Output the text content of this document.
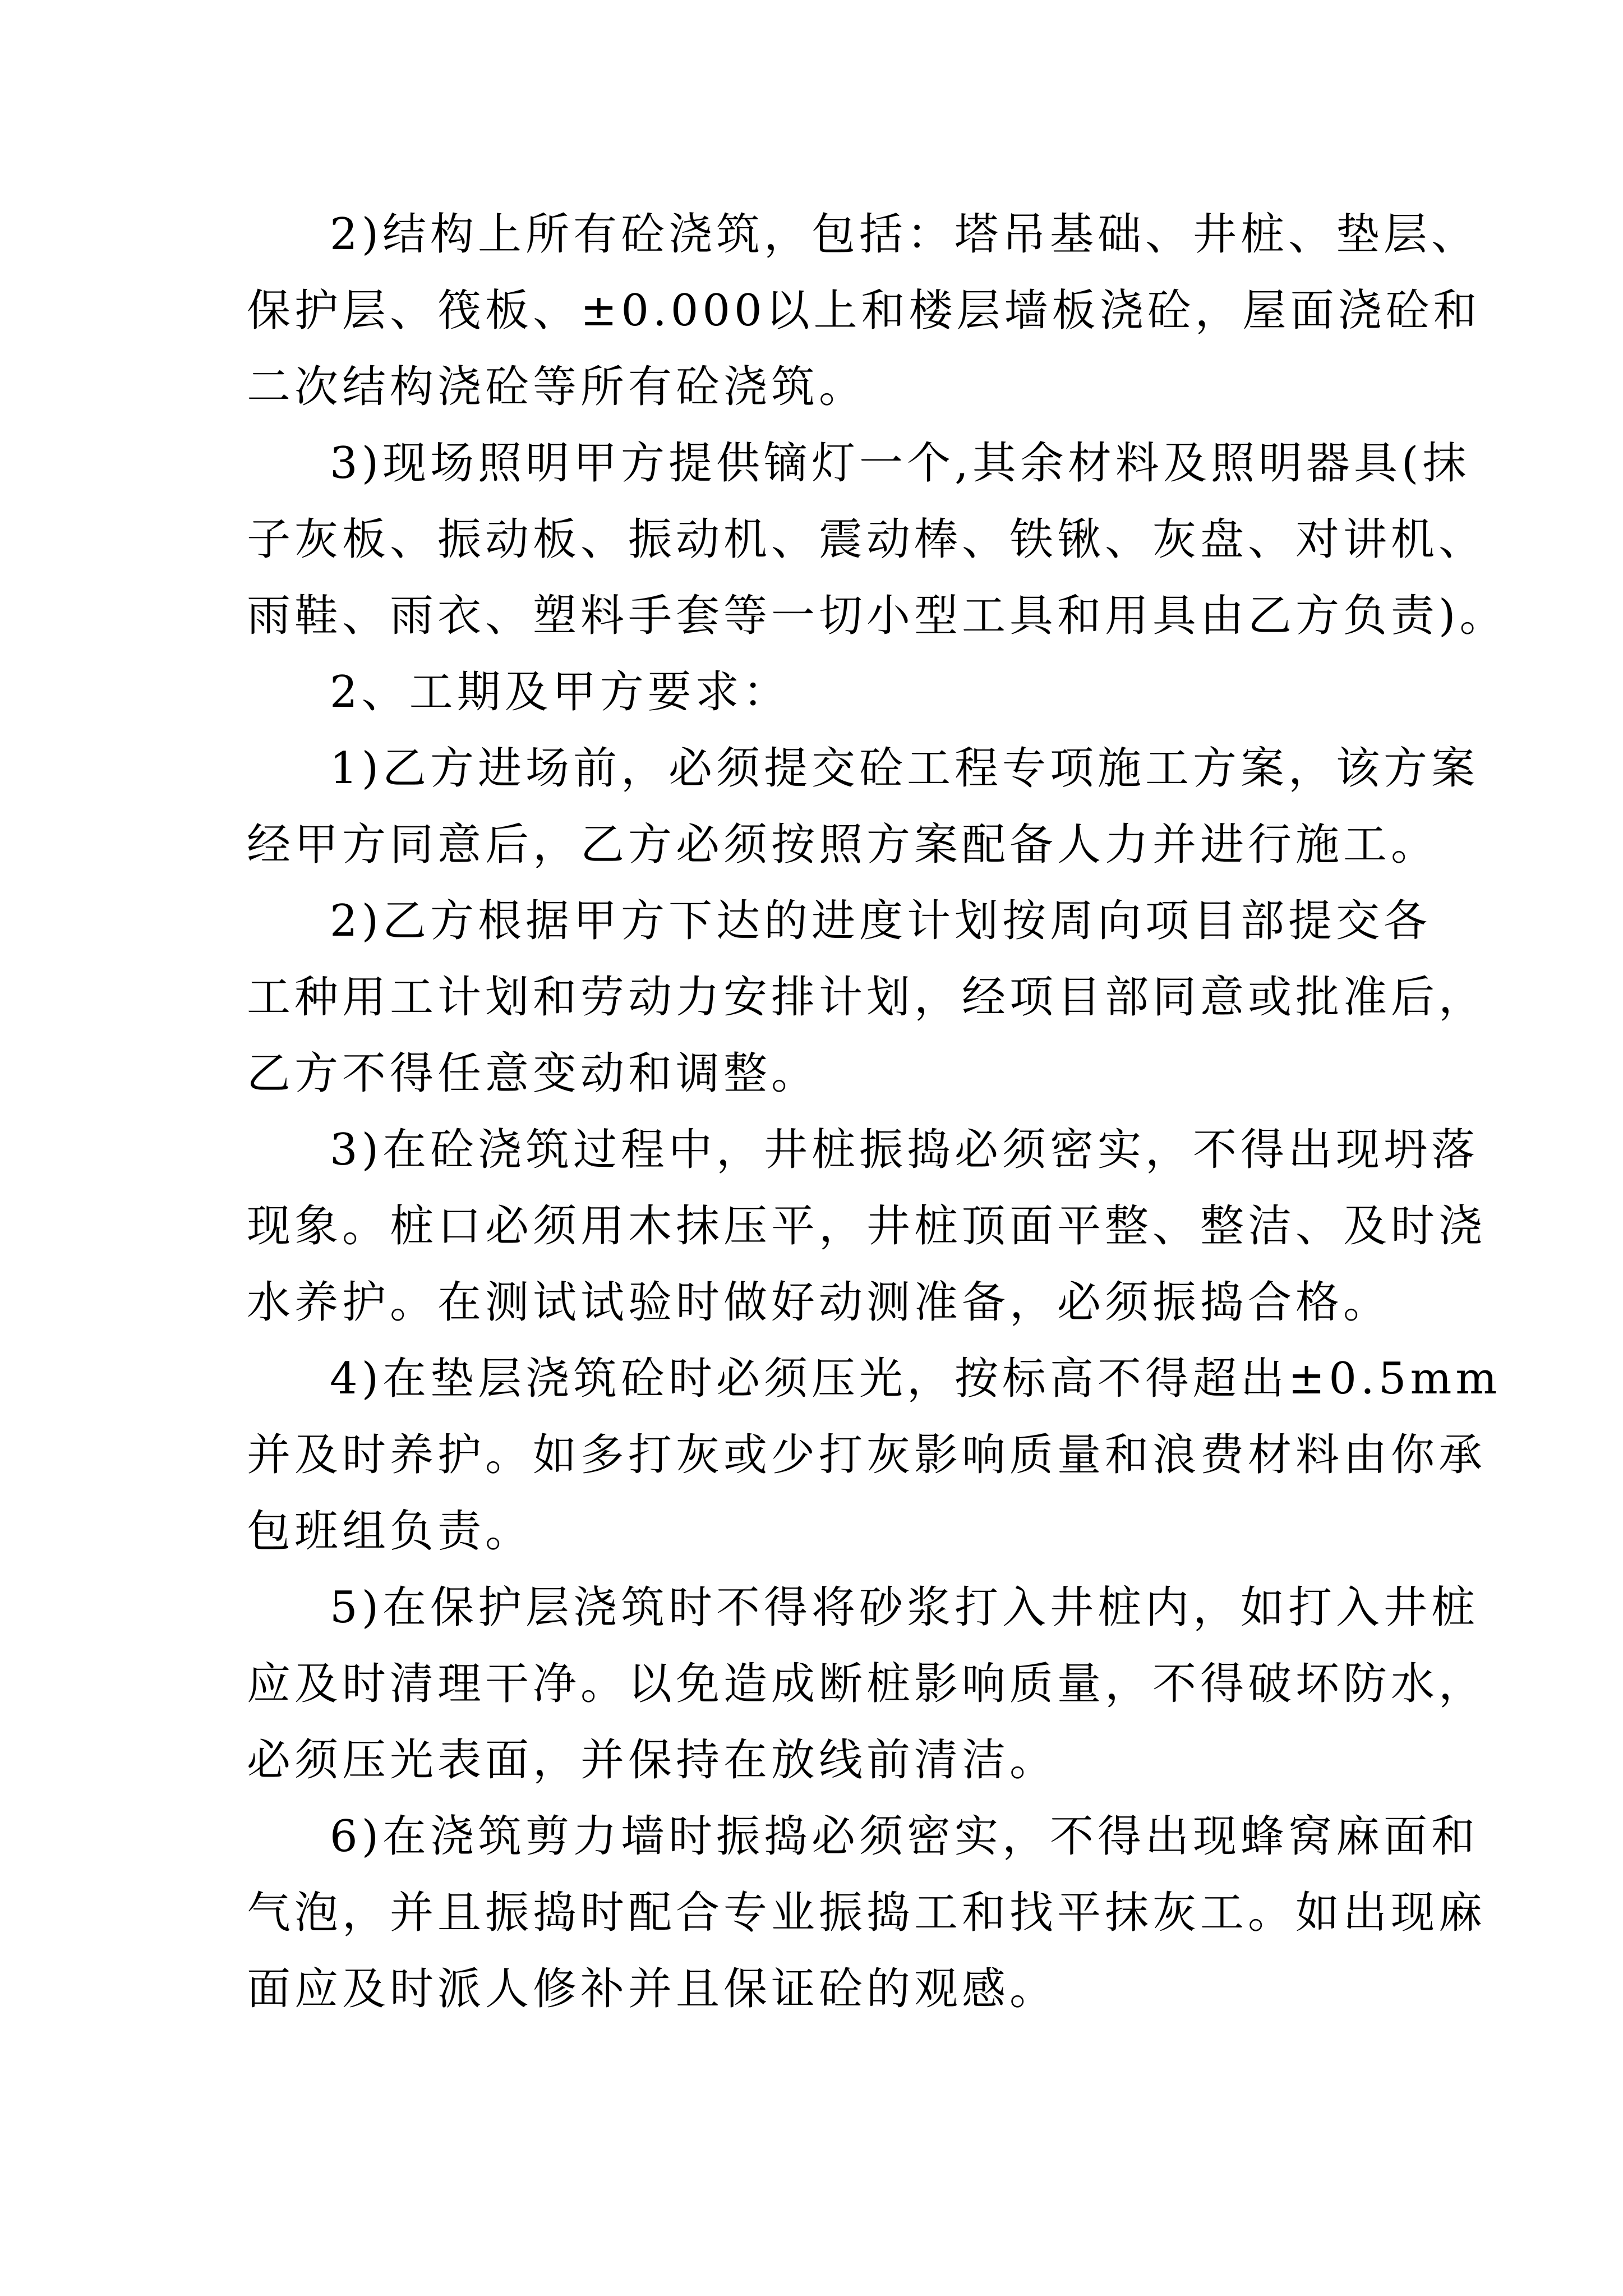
2)结构上所有砼浇筑，包括：塔吊基础、井桩、垫层、
保护层、筏板、±0.000以上和楼层墙板浇砼，屋面浇砼和
二次结构浇砼等所有砼浇筑。

3)现场照明甲方提供镝灯一个,其余材料及照明器具(抹
子灰板、振动板、振动机、震动棒、铁锹、灰盘、对讲机、
雨鞋、雨衣、塑料手套等一切小型工具和用具由乙方负责)。

2、工期及甲方要求：

1)乙方进场前，必须提交砼工程专项施工方案，该方案
经甲方同意后，乙方必须按照方案配备人力并进行施工。

2)乙方根据甲方下达的进度计划按周向项目部提交各
工种用工计划和劳动力安排计划，经项目部同意或批准后，
乙方不得任意变动和调整。

3)在砼浇筑过程中，井桩振捣必须密实，不得出现坍落
现象。桩口必须用木抹压平，井桩顶面平整、整洁、及时浇
水养护。在测试试验时做好动测准备，必须振捣合格。

4)在垫层浇筑砼时必须压光，按标高不得超出±0.5mm
并及时养护。如多打灰或少打灰影响质量和浪费材料由你承
包班组负责。

5)在保护层浇筑时不得将砂浆打入井桩内，如打入井桩
应及时清理干净。以免造成断桩影响质量，不得破坏防水，
必须压光表面，并保持在放线前清洁。

6)在浇筑剪力墙时振捣必须密实，不得出现蜂窝麻面和
气泡，并且振捣时配合专业振捣工和找平抹灰工。如出现麻
面应及时派人修补并且保证砼的观感。
